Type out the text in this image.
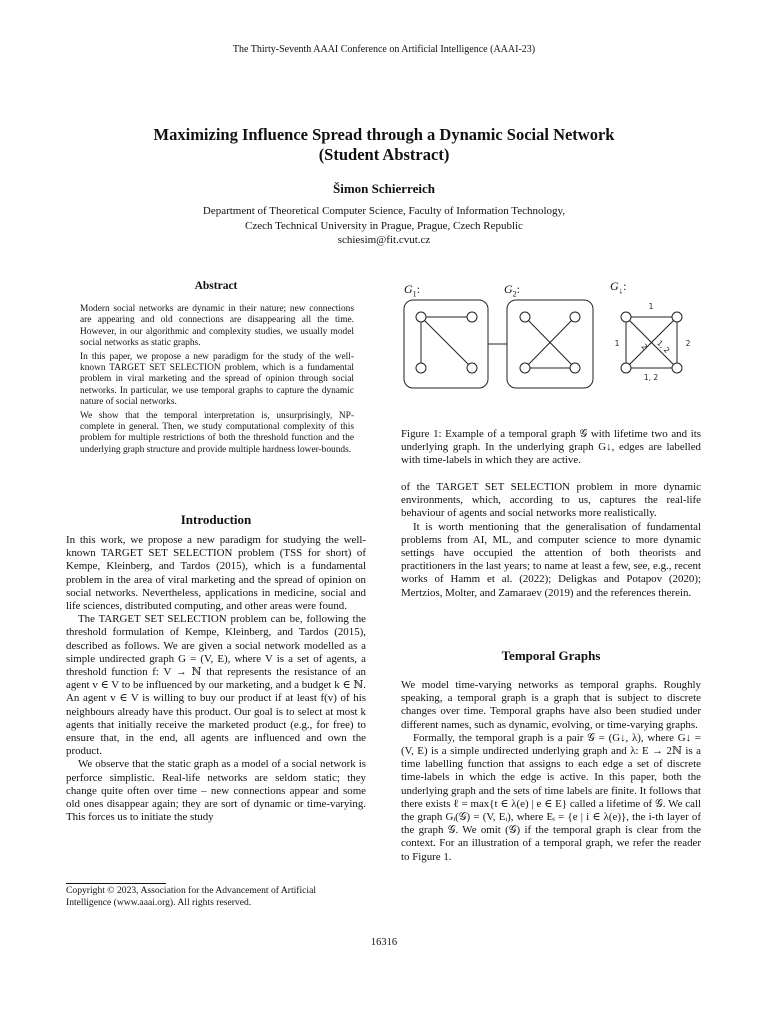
The Thirty-Seventh AAAI Conference on Artificial Intelligence (AAAI-23)
Maximizing Influence Spread through a Dynamic Social Network
(Student Abstract)
Šimon Schierreich
Department of Theoretical Computer Science, Faculty of Information Technology,
Czech Technical University in Prague, Prague, Czech Republic
schiesim@fit.cvut.cz
Abstract

Modern social networks are dynamic in their nature; new connections are appearing and old connections are disappearing all the time. However, in our algorithmic and complexity studies, we usually model social networks as static graphs.

In this paper, we propose a new paradigm for the study of the well-known TARGET SET SELECTION problem, which is a fundamental problem in viral marketing and the spread of opinion through social networks. In particular, we use temporal graphs to capture the dynamic nature of social networks.

We show that the temporal interpretation is, unsurprisingly, NP-complete in general. Then, we study computational complexity of this problem for multiple restrictions of both the threshold function and the underlying graph structure and provide multiple hardness lower-bounds.

Introduction

In this work, we propose a new paradigm for studying the well-known TARGET SET SELECTION problem (TSS for short) of Kempe, Kleinberg, and Tardos (2015), which is a fundamental problem in the area of viral marketing and the spread of opinion on social networks. Nevertheless, applications in medicine, social and life sciences, distributed computing, and other areas were found.

The TARGET SET SELECTION problem can be, following the threshold formulation of Kempe, Kleinberg, and Tardos (2015), described as follows. We are given a social network modelled as a simple undirected graph G = (V, E), where V is a set of agents, a threshold function f: V → ℕ that represents the resistance of an agent v ∈ V to be influenced by our marketing, and a budget k ∈ ℕ. An agent v ∈ V is willing to buy our product if at least f(v) of his neighbours already have this product. Our goal is to select at most k agents that initially receive the marketed product (e.g., for free) to ensure that, in the end, all agents are influenced and own the product.

We observe that the static graph as a model of a social network is perforce simplistic. Real-life networks are seldom static; they change quite often over time – new connections appear and some old ones disappear again; they are sort of dynamic or time-varying. This forces us to initiate the study

Copyright © 2023, Association for the Advancement of Artificial
Intelligence (www.aaai.org). All rights reserved.
$G_1$:	$G_2$:	$G_↓$:
1
1	2
1, 2
2 1, 2
Figure 1: Example of a temporal graph 𝒢 with lifetime two and its underlying graph. In the underlying graph G↓, edges are labelled with time-labels in which they are active.

of the TARGET SET SELECTION problem in more dynamic environments, which, according to us, captures the real-life behaviour of agents and social networks more realistically.

It is worth mentioning that the generalisation of fundamental problems from AI, ML, and computer science to more dynamic settings have occupied the attention of both theorists and practitioners in the last years; to name at least a few, see, e.g., recent works of Hamm et al. (2022); Deligkas and Potapov (2020); Mertzios, Molter, and Zamaraev (2019) and the references therein.

Temporal Graphs

We model time-varying networks as temporal graphs. Roughly speaking, a temporal graph is a graph that is subject to discrete changes over time. Temporal graphs have also been studied under different names, such as dynamic, evolving, or time-varying graphs.

Formally, the temporal graph is a pair 𝒢 = (G↓, λ), where G↓ = (V, E) is a simple undirected underlying graph and λ: E → 2ℕ is a time labelling function that assigns to each edge a set of discrete time-labels in which the edge is active. In this paper, both the underlying graph and the sets of time labels are finite. It follows that there exists ℓ = max{t ∈ λ(e) | e ∈ E} called a lifetime of 𝒢. We call the graph Gᵢ(𝒢) = (V, Eᵢ), where Eᵢ = {e | i ∈ λ(e)}, the i-th layer of the graph 𝒢. We omit (𝒢) if the temporal graph is clear from the context. For an illustration of a temporal graph, we refer the reader to Figure 1.

16316
